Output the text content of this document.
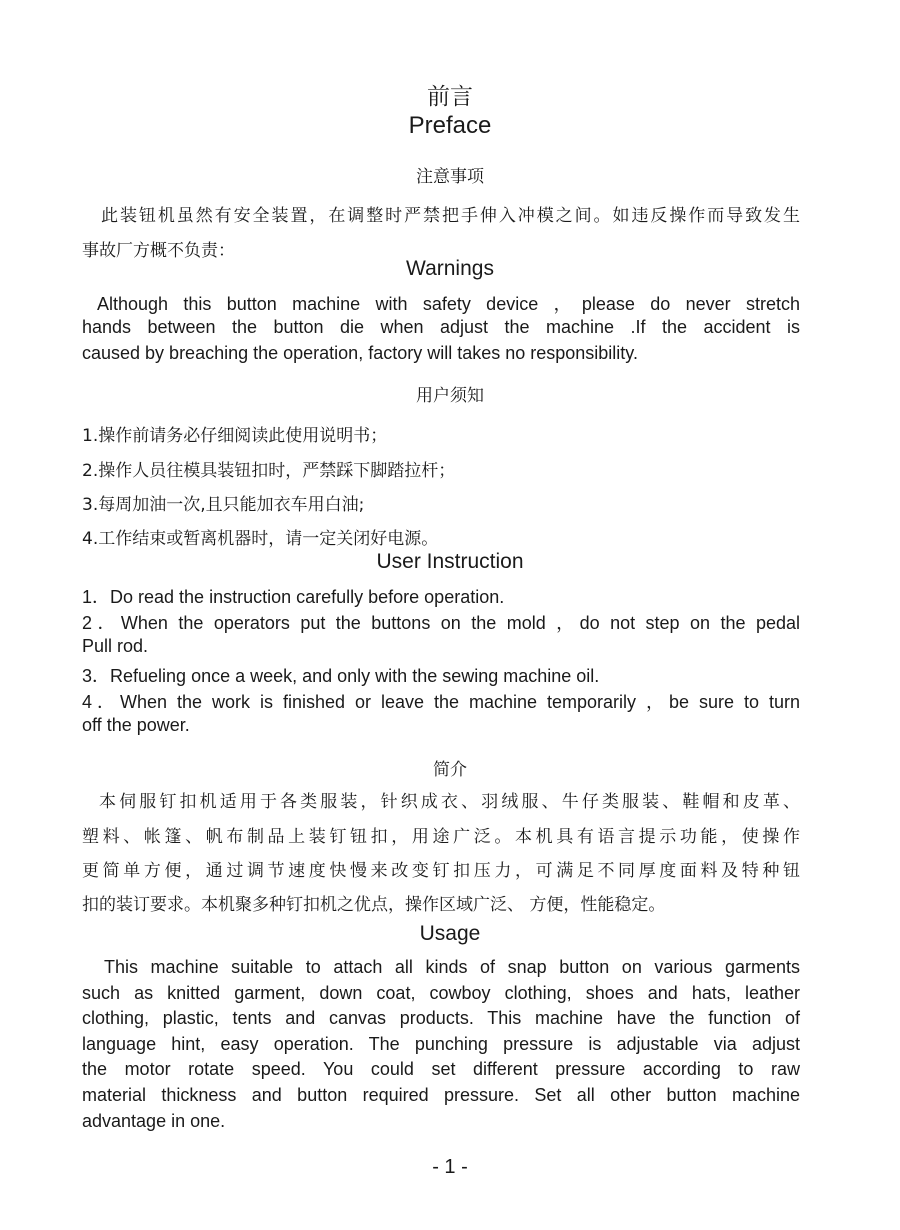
前言
Preface
注意事项
此装钮机虽然有安全装置，在调整时严禁把手伸入冲模之间。如违反操作而导致发生
事故厂方概不负责：
Warnings
Although this button machine with safety device ，please do never stretch
hands between the button die when adjust the machine .If the accident is
caused by breaching the operation, factory will takes no responsibility.
用户须知
1.操作前请务必仔细阅读此使用说明书；
2.操作人员往模具装钮扣时，严禁踩下脚踏拉杆；
3.每周加油一次,且只能加衣车用白油;
4.工作结束或暂离机器时，请一定关闭好电源。
User Instruction
1．Do read the instruction carefully before operation.
2．When the operators put the buttons on the mold ，do not step on the pedal
Pull rod.
3．Refueling once a week, and only with the sewing machine oil.
4．When the work is finished or leave the machine temporarily ，be sure to turn
off the power.
简介
本伺服钉扣机适用于各类服装，针织成衣、羽绒服、牛仔类服装、鞋帽和皮革、
塑料、帐篷、帆布制品上装钉钮扣，用途广泛。本机具有语言提示功能，使操作
更简单方便，通过调节速度快慢来改变钉扣压力，可满足不同厚度面料及特种钮
扣的装订要求。本机聚多种钉扣机之优点，操作区域广泛、 方便，性能稳定。
Usage
This machine suitable to attach all kinds of snap button on various garments
such as knitted garment, down coat, cowboy clothing, shoes and hats, leather
clothing, plastic, tents and canvas products. This machine have the function of
language hint, easy operation. The punching pressure is adjustable via adjust
the motor rotate speed. You could set different pressure according to raw
material thickness and button required pressure. Set all other button machine
advantage in one.
- 1 -
